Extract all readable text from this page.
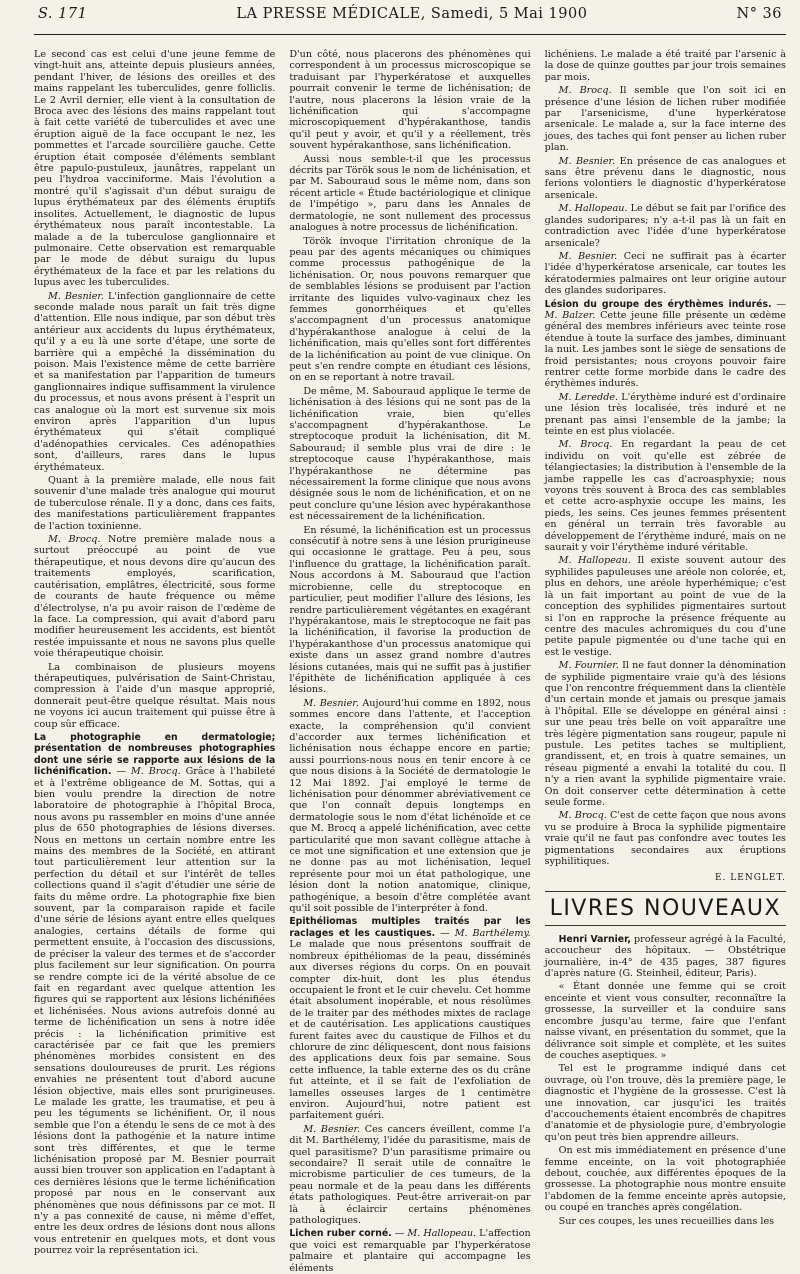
S. 171	LA PRESSE MÉDICALE, Samedi, 5 Mai 1900	N° 36

Le second cas est celui d'une jeune femme de vingt-huit ans, atteinte depuis plusieurs années, pendant l'hiver, de lésions des oreilles et des mains rappelant les tuberculides, genre folliclis. Le 2 Avril dernier, elle vient à la consultation de Broca avec des lésions des mains rappelant tout à fait cette variété de tuberculides et avec une éruption aiguë de la face occupant le nez, les pommettes et l'arcade sourcilière gauche. Cette éruption était composée d'éléments semblant être papulo-pustuleux, jaunâtres, rappelant un peu l'hydroa vacciniforme. Mais l'évolution a montré qu'il s'agissait d'un début suraigu de lupus érythémateux par des éléments éruptifs insolites. Actuellement, le diagnostic de lupus érythémateux nous paraît incontestable. La malade a de la tuberculose ganglionnaire et pulmonaire. Cette observation est remarquable par le mode de début suraigu du lupus érythémateux de la face et par les relations du lupus avec les tuberculides.

M. Besnier. L'infection ganglionnaire de cette seconde malade nous paraît un fait très digne d'attention. Elle nous indique, par son début très antérieur aux accidents du lupus érythémateux, qu'il y a eu là une sorte d'étape, une sorte de barrière qui a empêché la dissémination du poison. Mais l'existence même de cette barrière et sa manifestation par l'apparition de tumeurs ganglionnaires indique suffisamment la virulence du processus, et nous avons présent à l'esprit un cas analogue où la mort est survenue six mois environ après l'apparition d'un lupus érythémateux qui s'était compliqué d'adénopathies cervicales. Ces adénopathies sont, d'ailleurs, rares dans le lupus érythémateux.

Quant à la première malade, elle nous fait souvenir d'une malade très analogue qui mourut de tuberculose rénale. Il y a donc, dans ces faits, des manifestations particulièrement frappantes de l'action toxinienne.

M. Brocq. Notre première malade nous a surtout préoccupé au point de vue thérapeutique, et nous devons dire qu'aucun des traitements employés, scarification, cautérisation, emplâtres, électricité, sous forme de courants de haute fréquence ou même d'électrolyse, n'a pu avoir raison de l'œdème de la face. La compression, qui avait d'abord paru modifier heureusement les accidents, est bientôt restée impuissante et nous ne savons plus quelle voie thérapeutique choisir.

La combinaison de plusieurs moyens thérapeutiques, pulvérisation de Saint-Christau, compression à l'aide d'un masque approprié, donnerait peut-être quelque résultat. Mais nous ne voyons ici aucun traitement qui puisse être à coup sûr efficace.

La photographie en dermatologie; présentation de nombreuses photographies dont une série se rapporte aux lésions de la lichénification. — M. Brocq. Grâce à l'habileté et à l'extrême obligeance de M. Sottas, qui a bien voulu prendre la direction de notre laboratoire de photographie à l'hôpital Broca, nous avons pu rassembler en moins d'une année plus de 650 photographies de lésions diverses. Nous en mettons un certain nombre entre les mains des membres de la Société, en attirant tout particulièrement leur attention sur la perfection du détail et sur l'intérêt de telles collections quand il s'agit d'étudier une série de faits du même ordre. La photographie fixe bien souvent, par la comparaison rapide et facile d'une série de lésions ayant entre elles quelques analogies, certains détails de forme qui permettent ensuite, à l'occasion des discussions, de préciser la valeur des termes et de s'accorder plus facilement sur leur signification. On pourra se rendre compte ici de la vérité absolue de ce fait en regardant avec quelque attention les figures qui se rapportent aux lésions lichénifiées et lichénisées. Nous avions autrefois donné au terme de lichénification un sens à notre idée précis : la lichénification primitive est caractérisée par ce fait que les premiers phénomènes morbides consistent en des sensations douloureuses de prurit. Les régions envahies ne présentent tout d'abord aucune lésion objective, mais elles sont prurigineuses. Le malade les gratte, les traumatise, et peu à peu les téguments se lichénifient. Or, il nous semble que l'on a étendu le sens de ce mot à des lésions dont la pathogénie et la nature intime sont très différentes, et que le terme lichénisation proposé par M. Besnier pourrait aussi bien trouver son application en l'adaptant à ces dernières lésions que le terme lichénification proposé par nous en le conservant aux phénomènes que nous définissons par ce mot. Il n'y a pas connexité de cause, ni même d'effet, entre les deux ordres de lésions dont nous allons vous entretenir en quelques mots, et dont vous pourrez voir la représentation ici.

D'un côté, nous placerons des phénomènes qui correspondent à un processus microscopique se traduisant par l'hyperkératose et auxquelles pourrait convenir le terme de lichénisation; de l'autre, nous placerons la lésion vraie de la lichénification qui s'accompagne microscopiquement d'hypérakanthose, tandis qu'il peut y avoir, et qu'il y a réellement, très souvent hypérakanthose, sans lichénification.

Aussi nous semble-t-il que les processus décrits par Török sous le nom de lichénisation, et par M. Sabouraud sous le même nom, dans son récent article « Étude bactériologique et clinique de l'impétigo », paru dans les Annales de dermatologie, ne sont nullement des processus analogues à notre processus de lichénification.

Török invoque l'irritation chronique de la peau par des agents mécaniques ou chimiques comme processus pathogénique de la lichénisation. Or, nous pouvons remarquer que de semblables lésions se produisent par l'action irritante des liquides vulvo-vaginaux chez les femmes gonorrhéiques et qu'elles s'accompagnent d'un processus anatomique d'hypérakanthose analogue à celui de la lichénification, mais qu'elles sont fort différentes de la lichénification au point de vue clinique. On peut s'en rendre compte en étudiant ces lésions, on en se reportant à notre travail.

De même, M. Sabouraud applique le terme de lichénisation à des lésions qui ne sont pas de la lichénification vraie, bien qu'elles s'accompagnent d'hypérakanthose. Le streptocoque produit la lichénisation, dit M. Sabouraud; il semble plus vrai de dire : le streptocoque cause l'hypérakanthose, mais l'hypérakanthose ne détermine pas nécessairement la forme clinique que nous avons désignée sous le nom de lichénification, et on ne peut conclure qu'une lésion avec hypérakanthose est nécessairement de la lichénification.

En résumé, la lichénification est un processus consécutif à notre sens à une lésion prurigineuse qui occasionne le grattage. Peu à peu, sous l'influence du grattage, la lichénification paraît. Nous accordons à M. Sabouraud que l'action microbienne, celle du streptocoque en particulier, peut modifier l'allure des lésions, les rendre particulièrement végétantes en exagérant l'hypérakantose, mais le streptocoque ne fait pas la lichénification, il favorise la production de l'hypérakanthose d'un processus anatomique qui existe dans un assez grand nombre d'autres lésions cutanées, mais qui ne suffit pas à justifier l'épithète de lichénification appliquée à ces lésions.

M. Besnier. Aujourd'hui comme en 1892, nous sommes encore dans l'attente, et l'acception exacte, la compréhension qu'il convient d'accorder aux termes lichénification et lichénisation nous échappe encore en partie; aussi pourrions-nous nous en tenir encore à ce que nous disions à la Société de dermatologie le 12 Mai 1892. J'ai employé le terme de lichénisation pour dénommer abréviativement ce que l'on connaît depuis longtemps en dermatologie sous le nom d'état lichénoïde et ce que M. Brocq a appelé lichénification, avec cette particularité que mon savant collègue attache à ce mot une signification et une extension que je ne donne pas au mot lichénisation, lequel représente pour moi un état pathologique, une lésion dont la notion anatomique, clinique, pathogénique, a besoin d'être complétée avant qu'il soit possible de l'interpréter à fond.

Epithéliomas multiples traités par les raclages et les caustiques. — M. Barthélemy. Le malade que nous présentons souffrait de nombreux épithéliomas de la peau, disséminés aux diverses régions du corps. On en pouvait compter dix-huit, dont les plus étendus occupaient le front et le cuir chevelu. Cet homme était absolument inopérable, et nous résolûmes de le traiter par des méthodes mixtes de raclage et de cautérisation. Les applications caustiques furent faites avec du caustique de Filhos et du chlorure de zinc déliquescent, dont nous faisions des applications deux fois par semaine. Sous cette influence, la table externe des os du crâne fut atteinte, et il se fait de l'exfoliation de lamelles osseuses larges de 1 centimètre environ. Aujourd'hui, notre patient est parfaitement guéri.

M. Besnier. Ces cancers éveillent, comme l'a dit M. Barthélemy, l'idée du parasitisme, mais de quel parasitisme? D'un parasitisme primaire ou secondaire? Il serait utile de connaître le microbisme particulier de ces tumeurs, de la peau normale et de la peau dans les différents états pathologiques. Peut-être arriverait-on par là à éclaircir certains phénomènes pathologiques.

Lichen ruber corné. — M. Hallopeau. L'affection que voici est remarquable par l'hyperkératose palmaire et plantaire qui accompagne les éléments

lichéniens. Le malade a été traité par l'arsenic à la dose de quinze gouttes par jour trois semaines par mois.

M. Brocq. Il semble que l'on soit ici en présence d'une lésion de lichen ruber modifiée par l'arsenicisme, d'une hyperkératose arsenicale. Le malade a, sur la face interne des joues, des taches qui font penser au lichen ruber plan.

M. Besnier. En présence de cas analogues et sans être prévenu dans le diagnostic, nous ferions volontiers le diagnostic d'hyperkératose arsenicale.

M. Hallopeau. Le début se fait par l'orifice des glandes sudoripares; n'y a-t-il pas là un fait en contradiction avec l'idée d'une hyperkératose arsenicale?

M. Besnier. Ceci ne suffirait pas à écarter l'idée d'hyperkératose arsenicale, car toutes les kératodermies palmaires ont leur origine autour des glandes sudoripares.

Lésion du groupe des érythèmes indurés. — M. Balzer. Cette jeune fille présente un œdème général des membres inférieurs avec teinte rose étendue à toute la surface des jambes, diminuant la nuit. Les jambes sont le siège de sensations de froid persistantes; nous croyons pouvoir faire rentrer cette forme morbide dans le cadre des érythèmes indurés.

M. Leredde. L'érythème induré est d'ordinaire une lésion très localisée, très induré et ne prenant pas ainsi l'ensemble de la jambe; la teinte en est plus violacée.

M. Brocq. En regardant la peau de cet individu on voit qu'elle est zébrée de télangiectasies; la distribution à l'ensemble de la jambe rappelle les cas d'acroasphyxie; nous voyons très souvent à Broca des cas semblables et cette acro-asphyxie occupe les mains, les pieds, les seins. Ces jeunes femmes présentent en général un terrain très favorable au développement de l'érythème induré, mais on ne saurait y voir l'érythème induré véritable.

M. Hallopeau. Il existe souvent autour des syphilides papuleuses une aréole non colorée, et, plus en dehors, une aréole hyperhémique; c'est là un fait important au point de vue de la conception des syphilides pigmentaires surtout si l'on en rapproche la présence fréquente au centre des macules achromiques du cou d'une petite papule pigmentée ou d'une tache qui en est le vestige.

M. Fournier. Il ne faut donner la dénomination de syphilide pigmentaire vraie qu'à des lésions que l'on rencontre fréquemment dans la clientèle d'un certain monde et jamais ou presque jamais à l'hôpital. Elle se développe en général ainsi : sur une peau très belle on voit apparaître une très légère pigmentation sans rougeur, papule ni pustule. Les petites taches se multiplient, grandissent, et, en trois à quatre semaines, un réseau pigmenté a envahi la totalité du cou. Il n'y a rien avant la syphilide pigmentaire vraie. On doit conserver cette détermination à cette seule forme.

M. Brocq. C'est de cette façon que nous avons vu se produire à Broca la syphilide pigmentaire vraie qu'il ne faut pas confondre avec toutes les pigmentations secondaires aux éruptions syphilitiques.

E. LENGLET.

LIVRES NOUVEAUX

Henri Varnier, professeur agrégé à la Faculté, accoucheur des hôpitaux. — Obstétrique journalière, in-4° de 435 pages, 387 figures d'après nature (G. Steinheil, éditeur, Paris).

« Étant donnée une femme qui se croit enceinte et vient vous consulter, reconnaître la grossesse, la surveiller et la conduire sans encombre jusqu'au terme, faire que l'enfant naisse vivant, en présentation du sommet, que la délivrance soit simple et complète, et les suites de couches aseptiques. »

Tel est le programme indiqué dans cet ouvrage, où l'on trouve, dès la première page, le diagnostic et l'hygiène de la grossesse. C'est là une innovation, car jusqu'ici les traités d'accouchements étaient encombrés de chapitres d'anatomie et de physiologie pure, d'embryologie qu'on peut très bien apprendre ailleurs.

On est mis immédiatement en présence d'une femme enceinte, on la voit photographiée debout, couchée, aux différentes époques de la grossesse. La photographie nous montre ensuite l'abdomen de la femme enceinte après autopsie, ou coupé en tranches après congélation.

Sur ces coupes, les unes recueillies dans les
